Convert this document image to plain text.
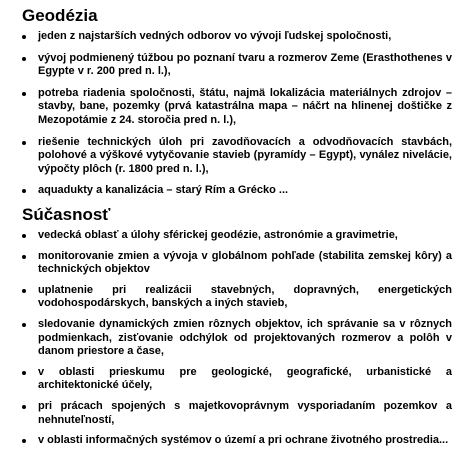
Geodézia
jeden z najstarších vedných odborov vo vývoji ľudskej spoločnosti,
vývoj podmienený túžbou po poznaní tvaru a rozmerov Zeme (Erasthothenes v Egypte v r. 200 pred n. l.),
potreba riadenia spoločnosti, štátu, najmä lokalizácia materiálnych zdrojov – stavby, bane, pozemky (prvá katastrálna mapa – náčrt na hlinenej doštičke z Mezopotámie z 24. storočia pred n. l.),
riešenie technických úloh pri zavodňovacích a odvodňovacích stavbách, polohové a výškové vytyčovanie stavieb (pyramídy – Egypt), vynález nivelácie, výpočty plôch (r. 1800 pred n. l.),
aquadukty a kanalizácia – starý Rím a Grécko ...
Súčasnosť
vedecká oblasť a úlohy sférickej geodézie, astronómie a gravimetrie,
monitorovanie zmien a vývoja v globálnom pohľade (stabilita zemskej kôry) a technických objektov
uplatnenie pri realizácii stavebných, dopravných, energetických vodohospodárskych, banských a iných stavieb,
sledovanie dynamických zmien rôznych objektov, ich správanie sa v rôznych podmienkach, zisťovanie odchýlok od projektovaných rozmerov a polôh v danom priestore a čase,
v oblasti prieskumu pre geologické, geografické, urbanistické a architektonické účely,
pri prácach spojených s majetkovoprávnym vysporiadaním pozemkov a nehnuteľností,
v oblasti informačných systémov o území a pri ochrane životného prostredia...
